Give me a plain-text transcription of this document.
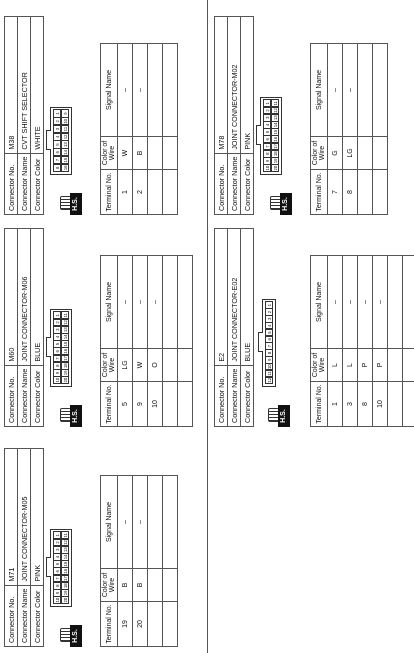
Connector No.	M71
Connector Name	JOINT CONNECTOR-M05
Connector Color	PINK
H.S.
10
9
8
7
6
5
4
3
2
1
20
19
18
17
16
15
14
13
12
11
Terminal No.	Color of Wire	Signal Name
19	B	–
20	B	–

Connector No.	M60
Connector Name	JOINT CONNECTOR-M06
Connector Color	BLUE
H.S.
10
9
8
7
6
5
4
3
2
1
20
19
18
17
16
15
14
13
12
11
Terminal No.	Color of Wire	Signal Name
5	LG	–
9	W	–
10	O	–

Connector No.	M38
Connector Name	CVT SHIFT SELECTOR
Connector Color	WHITE
H.S.
8
7
6
5
4
3
2
1
16
15
14
13
12
11
10
9
Terminal No.	Color of Wire	Signal Name
1	W	–
2	B	–

Connector No.	E2
Connector Name	JOINT CONNECTOR-E02
Connector Color	BLUE
H.S.
12
11
10
9
8
7
6
5
4
3
2
1
Terminal No.	Color of Wire	Signal Name
1	L	–
3	L	–
8	P	–
10	P	–

Connector No.	M78
Connector Name	JOINT CONNECTOR-M02
Connector Color	PINK
H.S.
10
9
8
7
6
5
4
3
2
1
20
19
18
17
16
15
14
13
12
11
Terminal No.	Color of Wire	Signal Name
7	G	–
8	LG	–
